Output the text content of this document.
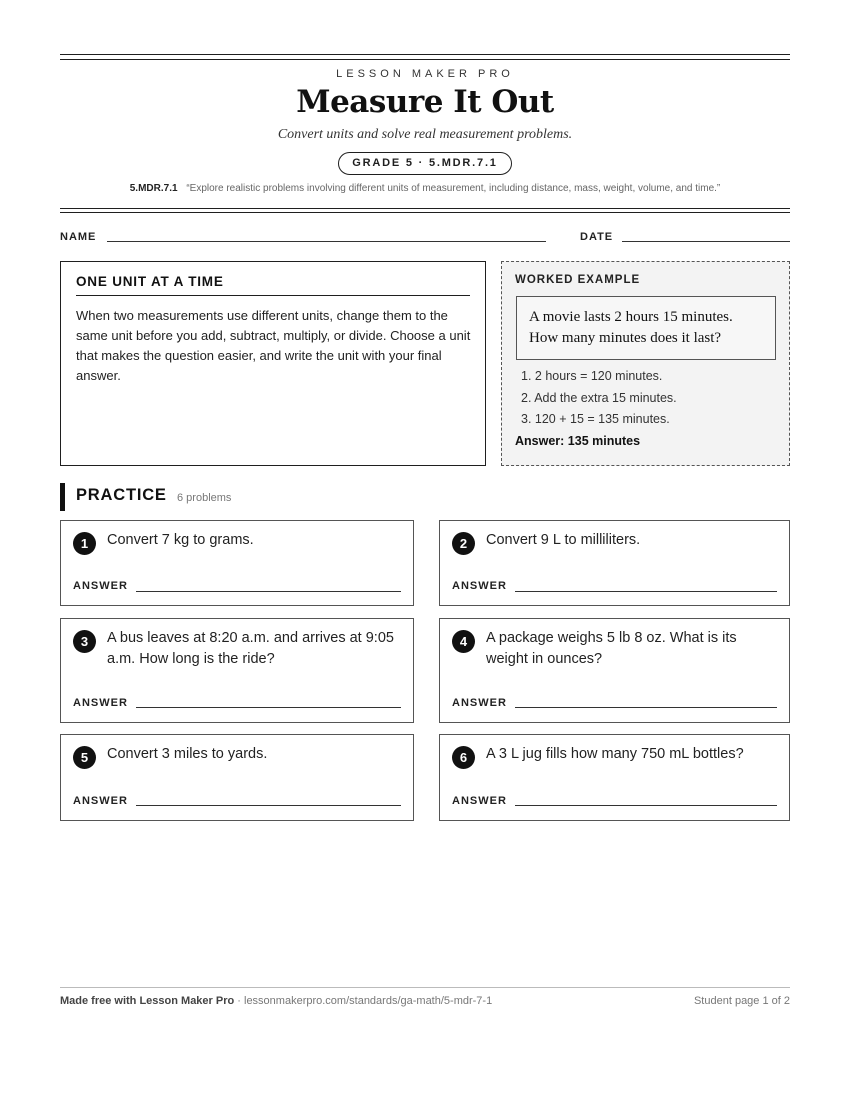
LESSON MAKER PRO
Measure It Out
Convert units and solve real measurement problems.
GRADE 5 · 5.MDR.7.1
5.MDR.7.1 “Explore realistic problems involving different units of measurement, including distance, mass, weight, volume, and time.”
NAME	DATE
ONE UNIT AT A TIME
When two measurements use different units, change them to the same unit before you add, subtract, multiply, or divide. Choose a unit that makes the question easier, and write the unit with your final answer.
WORKED EXAMPLE
A movie lasts 2 hours 15 minutes. How many minutes does it last?
1. 2 hours = 120 minutes.
2. Add the extra 15 minutes.
3. 120 + 15 = 135 minutes.
Answer: 135 minutes
PRACTICE 6 problems
1	Convert 7 kg to grams.
ANSWER
2	Convert 9 L to milliliters.
ANSWER
3	A bus leaves at 8:20 a.m. and arrives at 9:05 a.m. How long is the ride?
ANSWER
4	A package weighs 5 lb 8 oz. What is its weight in ounces?
ANSWER
5	Convert 3 miles to yards.
ANSWER
6	A 3 L jug fills how many 750 mL bottles?
ANSWER
Made free with Lesson Maker Pro · lessonmakerpro.com/standards/ga-math/5-mdr-7-1	Student page 1 of 2
